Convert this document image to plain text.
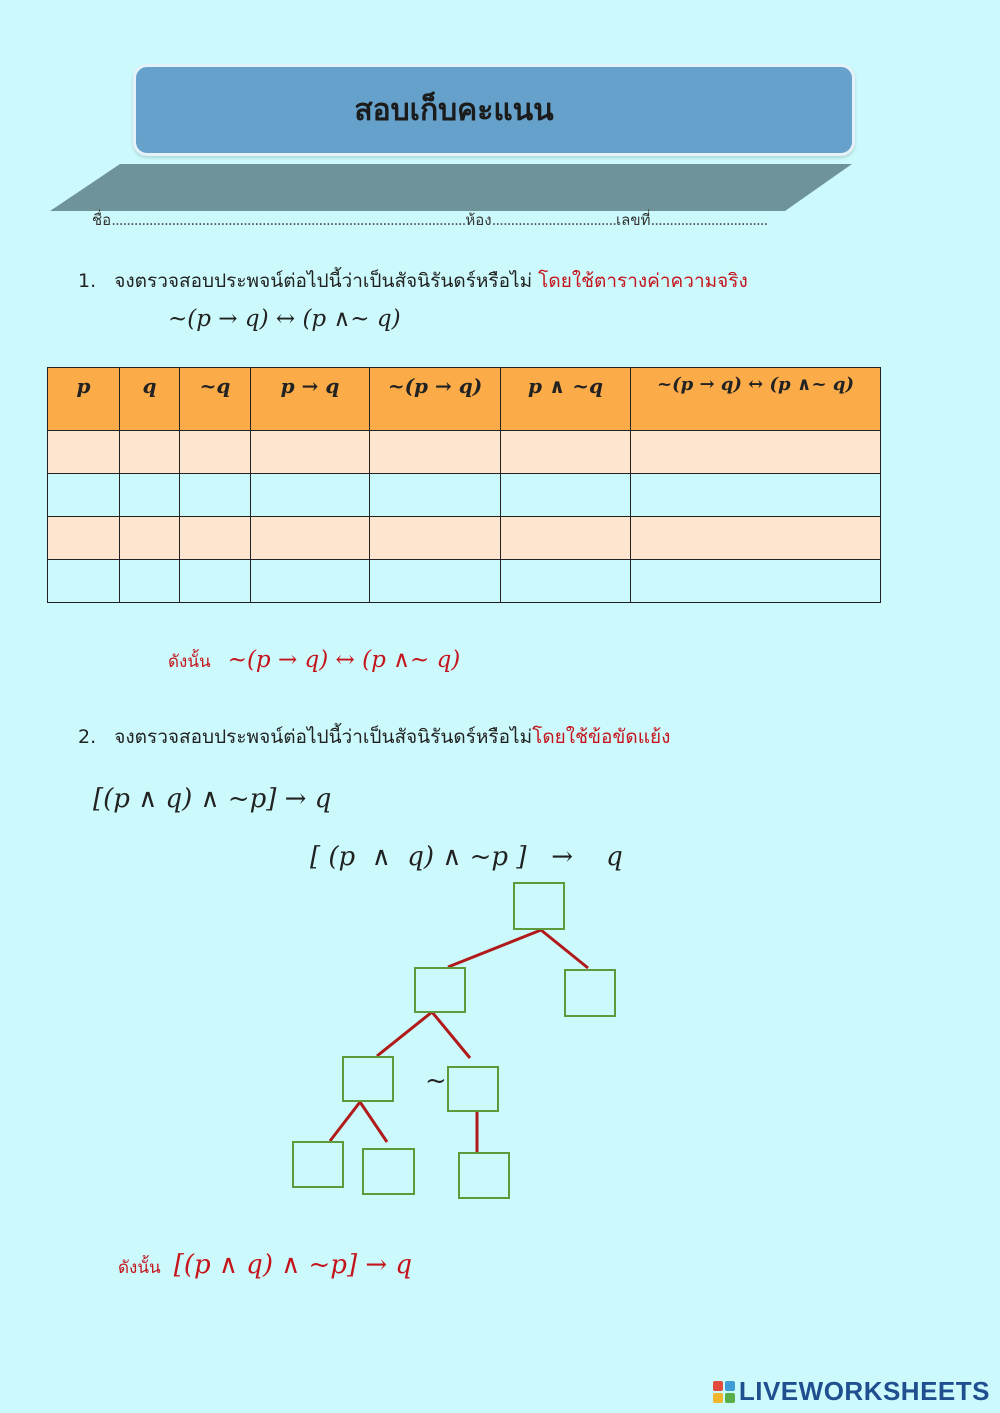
สอบเก็บคะแนน
ชื่อ..............................................................................................ห้อง.................................เลขที่...............................
1. จงตรวจสอบประพจน์ต่อไปนี้ว่าเป็นสัจนิรันดร์หรือไม่ โดยใช้ตารางค่าความจริง
~(p → q) ↔ (p ∧~ q)
p	q	~q	p → q	~(p → q)	p ∧ ~q	~(p → q) ↔ (p ∧~ q)

ดังนั้น ~(p → q) ↔ (p ∧~ q)
2. จงตรวจสอบประพจน์ต่อไปนี้ว่าเป็นสัจนิรันดร์หรือไม่โดยใช้ข้อขัดแย้ง
[(p ∧ q) ∧ ~p] → q
[ (p  ∧  q) ∧ ~p ]   →    q
~
ดังนั้น [(p ∧ q) ∧ ~p] → q
LIVEWORKSHEETS
